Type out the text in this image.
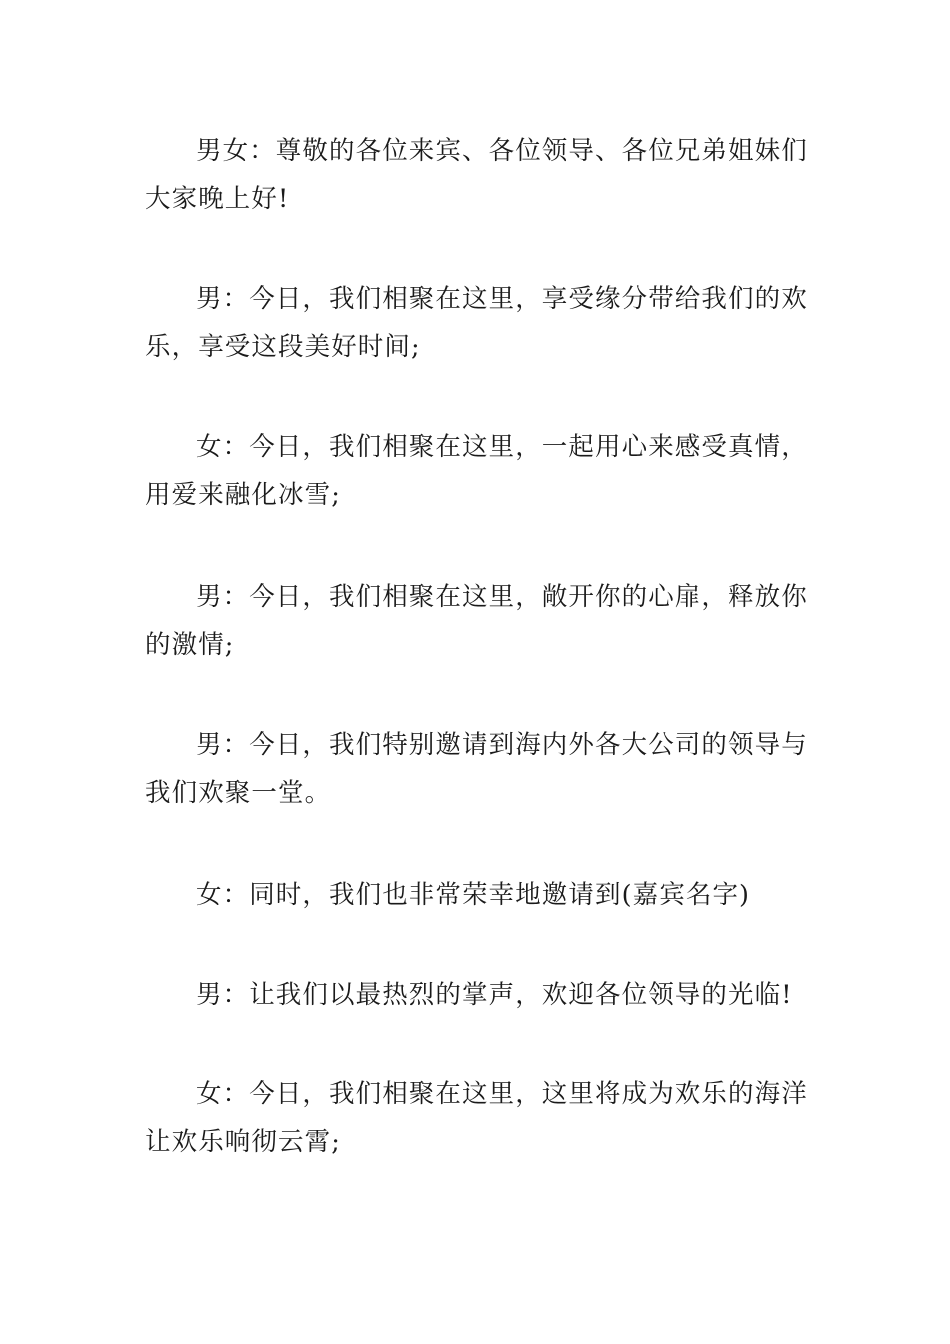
男女：尊敬的各位来宾、各位领导、各位兄弟姐妹们大家晚上好!

男：今日，我们相聚在这里，享受缘分带给我们的欢乐，享受这段美好时间;

女：今日，我们相聚在这里，一起用心来感受真情，用爱来融化冰雪;

男：今日，我们相聚在这里，敞开你的心扉，释放你的激情;

男：今日，我们特别邀请到海内外各大公司的领导与我们欢聚一堂。

女：同时，我们也非常荣幸地邀请到(嘉宾名字)

男：让我们以最热烈的掌声，欢迎各位领导的光临!

女：今日，我们相聚在这里，这里将成为欢乐的海洋让欢乐响彻云霄;
